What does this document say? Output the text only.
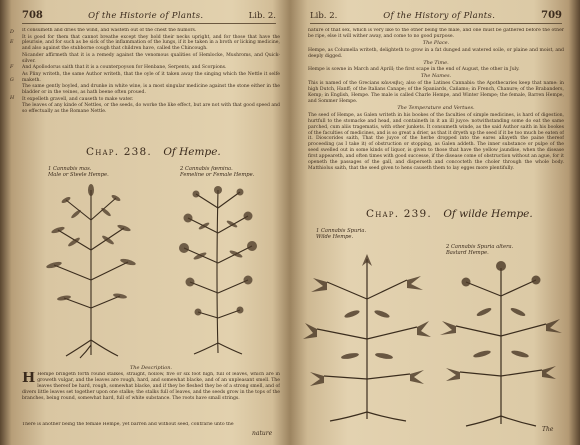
708	Of the Historie of Plants.	Lib. 2.
D
E
F
G
H

It consumeth and dries the wind, and wasteth out of the chest the humors.

It is good for them that cannot breathe except they hold their necks upright, and for those that have the pleurisie, and for such as be sick of the inflammation of the lungs, if it be taken in a broth or licking medicine, and also against the stubborne cough that children have, called the Chincough.

Nicander affirmeth that it is a remedy against the venomous qualities of Hemlocke, Mushroms, and Quick-silver.

And Apollodorus saith that it is a counterpoyson for Henbane, Serpents, and Scorpions.

As Pliny writeth, the same Author writeth, that the oyle of it taken away the singing which the Nettle it selfe maketh.

The same gently boyled, and drunke in white wine, is a most singular medicine against the stone either in the bladder or in the veines, as hath beene often proued.

It expelleth gravell, and causeth to make water.

The leaves of any kinde of Nettles, or the seeds, do worke the like effect, but are not with that good speed and so effectually as the Romane Nettle.

Chap. 238. Of Hempe.
1 Cannabis mas.
Male or Steele Hempe.
2 Cannabis fœmina.
Femeline or Female Hempe.
The Description.
H Hempe bringeth forth round stalkes, straight, hollow, five or six foot high, full of leaves, which are in groweth vulgar, and the leaves are rough, hard, and somewhat blacke, and of an unpleasant smell. The leaves thereof be hard, rough, somewhat blacke, and if they be fleshed they be of a strong smell, and of divers little leaves set together upon one stalke; the stalks full of leaves, and the seeds grow in the tops of the branches, being round, somewhat hard, full of white substance. The roots have small strings.
There is another being the female Hempe, yet barren and without seed, contrarie unto the
nature
Lib. 2.	Of the History of Plants.	709

nature of that sex, which is very like to the other being the male, and one must be gathered before the other be ripe, else it will wither away, and come to no good purpose.

The Place.

Hempe, as Columella writeth, delighteth to grow in a fat dunged and watered soile, or plaine and moist, and deeply digged.

The Time.

Hempe is sowne in March and Aprill; the first scape in the end of August, the other in July.

The Names.

This is named of the Grecians κάνναβις; also of the Latines Cannabis: the Apothecaries keep that name: in high Dutch, Hanff; of the Italians Canape; of the Spaniards, Cañamo; in French, Chanure; of the Brabanders, Kemp; in English, Hempe. The male is called Charle Hempe, and Winter Hempe; the female, Barren Hempe, and Sommer Hempe.

The Temperature and Vertues.

The seed of Hempe, as Galen writeth in his bookes of the faculties of simple medicines, is hard of digestion, hurtfull to the stomacke and head, and containeth in it an ill juyce: notwithstanding some do eat the same parched, cum aliis tragematis, with other junkets. It consumeth winde, as the said Author saith in his bookes of the faculties of medicines, and is so great a drier, as that it dryeth up the seed if it be too much be eaten of it. Dioscorides saith, That the juyce of the herbe dropped into the eares allayeth the paine thereof proceeding (as I take it) of obstruction or stopping, as Galen addeth. The inner substance or pulpe of the seed swelled out in some kinds of liquor, is given to those that have the yellow jaundise, when the disease first appeareth, and often times with good successe, if the disease come of obstruction without an ague, for it openeth the passages of the gall, and disperseth and concocteth the choler through the whole body. Matthiolus saith, that the seed given to hens causeth them to lay egges more plentifully.

Chap. 239. Of wilde Hempe.
1 Cannabis Spuria.
Wilde Hempe.
2 Cannabis Spuria altera.
Bastard Hempe.
The
